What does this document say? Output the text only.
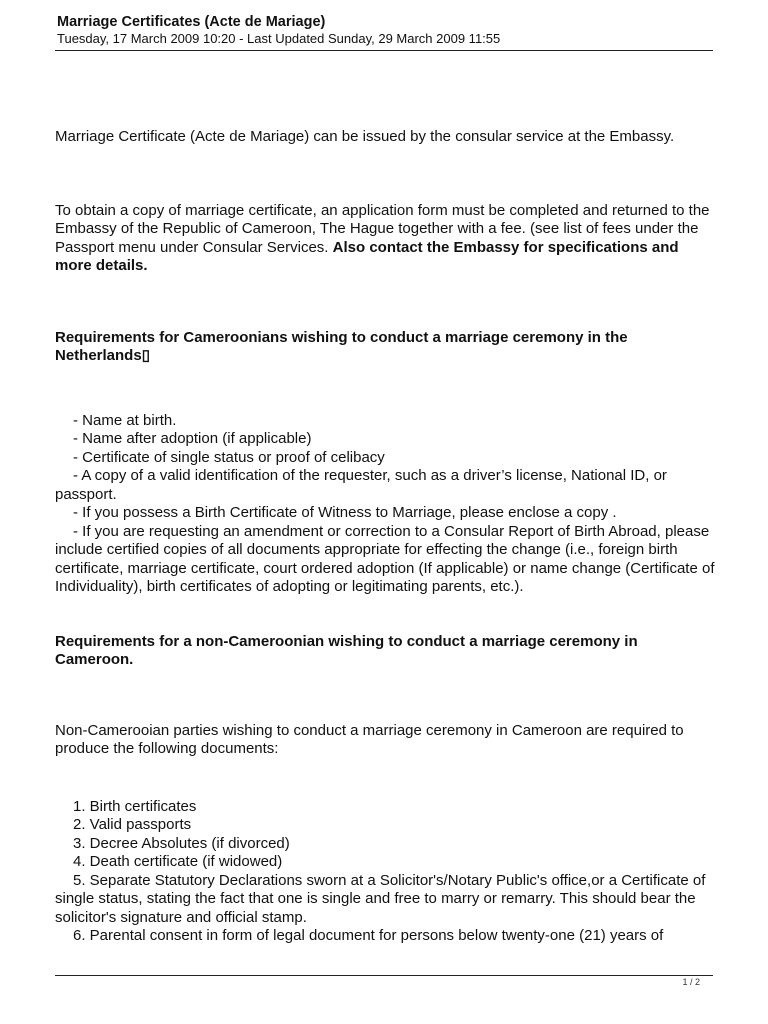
Marriage Certificates (Acte de Mariage)
Tuesday, 17 March 2009 10:20 - Last Updated Sunday, 29 March 2009 11:55

Marriage Certificate (Acte de Mariage) can be issued by the consular service at the Embassy.

To obtain a copy of marriage certificate, an application form must be completed and returned to the Embassy of the Republic of Cameroon, The Hague together with a fee. (see list of fees under the Passport menu under Consular Services. Also contact the Embassy for specifications and more details.

Requirements for Cameroonians wishing to conduct a marriage ceremony in the Netherlands▯

- Name at birth.
- Name after adoption (if applicable)
- Certificate of single status or proof of celibacy
- A copy of a valid identification of the requester, such as a driver’s license, National ID, or passport.
- If you possess a Birth Certificate of Witness to Marriage, please enclose a copy .
- If you are requesting an amendment or correction to a Consular Report of Birth Abroad, please include certified copies of all documents appropriate for effecting the change (i.e., foreign birth certificate, marriage certificate, court ordered adoption (If applicable) or name change (Certificate of Individuality), birth certificates of adopting or legitimating parents, etc.).

Requirements for a non-Cameroonian wishing to conduct a marriage ceremony in Cameroon.

Non-Camerooian parties wishing to conduct a marriage ceremony in Cameroon are required to produce the following documents:

1. Birth certificates
2. Valid passports
3. Decree Absolutes (if divorced)
4. Death certificate (if widowed)
5. Separate Statutory Declarations sworn at a Solicitor's/Notary Public's office,or a Certificate of single status, stating the fact that one is single and free to marry or remarry. This should bear the solicitor's signature and official stamp.
6. Parental consent in form of legal document for persons below twenty-one (21) years of
1 / 2
